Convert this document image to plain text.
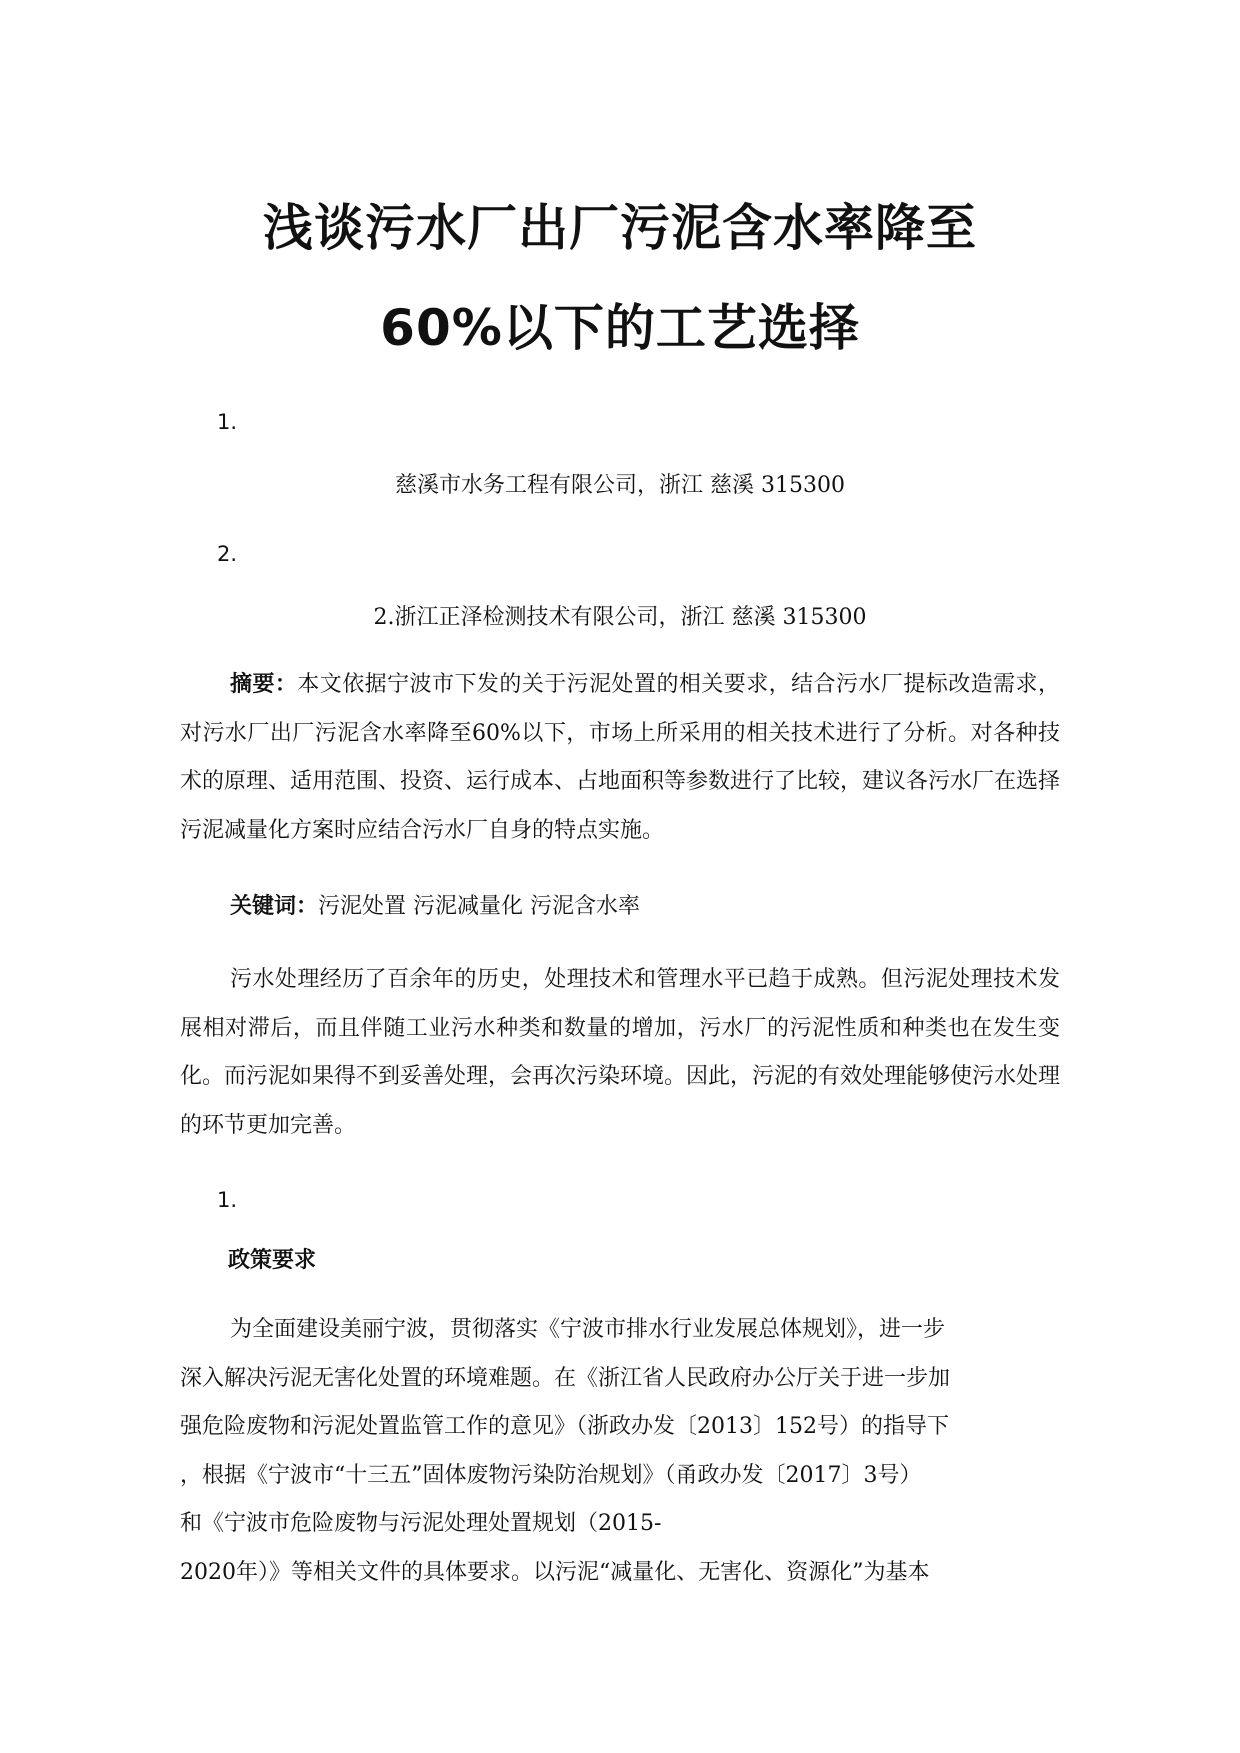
浅谈污水厂出厂污泥含水率降至
60%以下的工艺选择
1.
慈溪市水务工程有限公司，浙江 慈溪 315300
2.
2.浙江正泽检测技术有限公司，浙江 慈溪 315300

摘要：本文依据宁波市下发的关于污泥处置的相关要求，结合污水厂提标改造需求，对污水厂出厂污泥含水率降至60%以下，市场上所采用的相关技术进行了分析。对各种技术的原理、适用范围、投资、运行成本、占地面积等参数进行了比较，建议各污水厂在选择污泥减量化方案时应结合污水厂自身的特点实施。

关键词：污泥处置 污泥减量化 污泥含水率

污水处理经历了百余年的历史，处理技术和管理水平已趋于成熟。但污泥处理技术发展相对滞后，而且伴随工业污水种类和数量的增加，污水厂的污泥性质和种类也在发生变化。而污泥如果得不到妥善处理，会再次污染环境。因此，污泥的有效处理能够使污水处理的环节更加完善。

1.
政策要求
为全面建设美丽宁波，贯彻落实《宁波市排水行业发展总体规划》，进一步
深入解决污泥无害化处置的环境难题。在《浙江省人民政府办公厅关于进一步加
强危险废物和污泥处置监管工作的意见》（浙政办发〔2013〕152号）的指导下
，根据《宁波市“十三五”固体废物污染防治规划》（甬政办发〔2017〕3号）
和《宁波市危险废物与污泥处理处置规划（2015-
2020年）》等相关文件的具体要求。以污泥“减量化、无害化、资源化”为基本
